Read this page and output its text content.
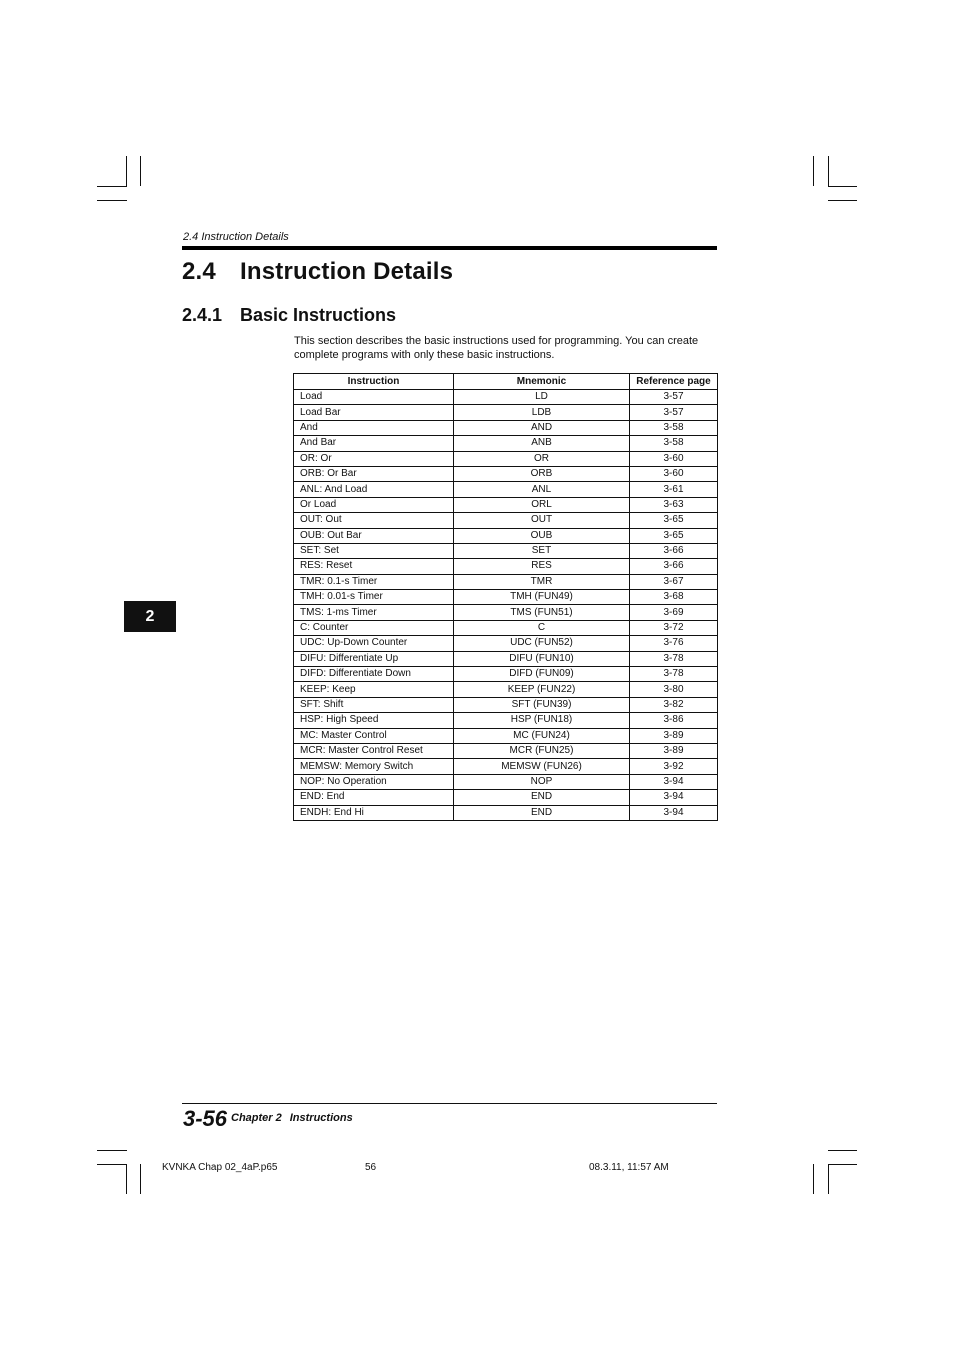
2.4 Instruction Details
2.4 Instruction Details
2.4.1 Basic Instructions
This section describes the basic instructions used for programming. You can create complete programs with only these basic instructions.
Instruction	Mnemonic	Reference page
Load	LD	3-57
Load Bar	LDB	3-57
And	AND	3-58
And Bar	ANB	3-58
OR: Or	OR	3-60
ORB: Or Bar	ORB	3-60
ANL: And Load	ANL	3-61
Or Load	ORL	3-63
OUT: Out	OUT	3-65
OUB: Out Bar	OUB	3-65
SET: Set	SET	3-66
RES: Reset	RES	3-66
TMR: 0.1-s Timer	TMR	3-67
TMH: 0.01-s Timer	TMH (FUN49)	3-68
TMS: 1-ms Timer	TMS (FUN51)	3-69
C: Counter	C	3-72
UDC: Up-Down Counter	UDC (FUN52)	3-76
DIFU: Differentiate Up	DIFU (FUN10)	3-78
DIFD: Differentiate Down	DIFD (FUN09)	3-78
KEEP: Keep	KEEP (FUN22)	3-80
SFT: Shift	SFT (FUN39)	3-82
HSP: High Speed	HSP (FUN18)	3-86
MC: Master Control	MC (FUN24)	3-89
MCR: Master Control Reset	MCR (FUN25)	3-89
MEMSW: Memory Switch	MEMSW (FUN26)	3-92
NOP: No Operation	NOP	3-94
END: End	END	3-94
ENDH: End Hi	END	3-94
2
3-56 Chapter 2 Instructions
KVNKA Chap 02_4aP.p65	56	08.3.11, 11:57 AM
